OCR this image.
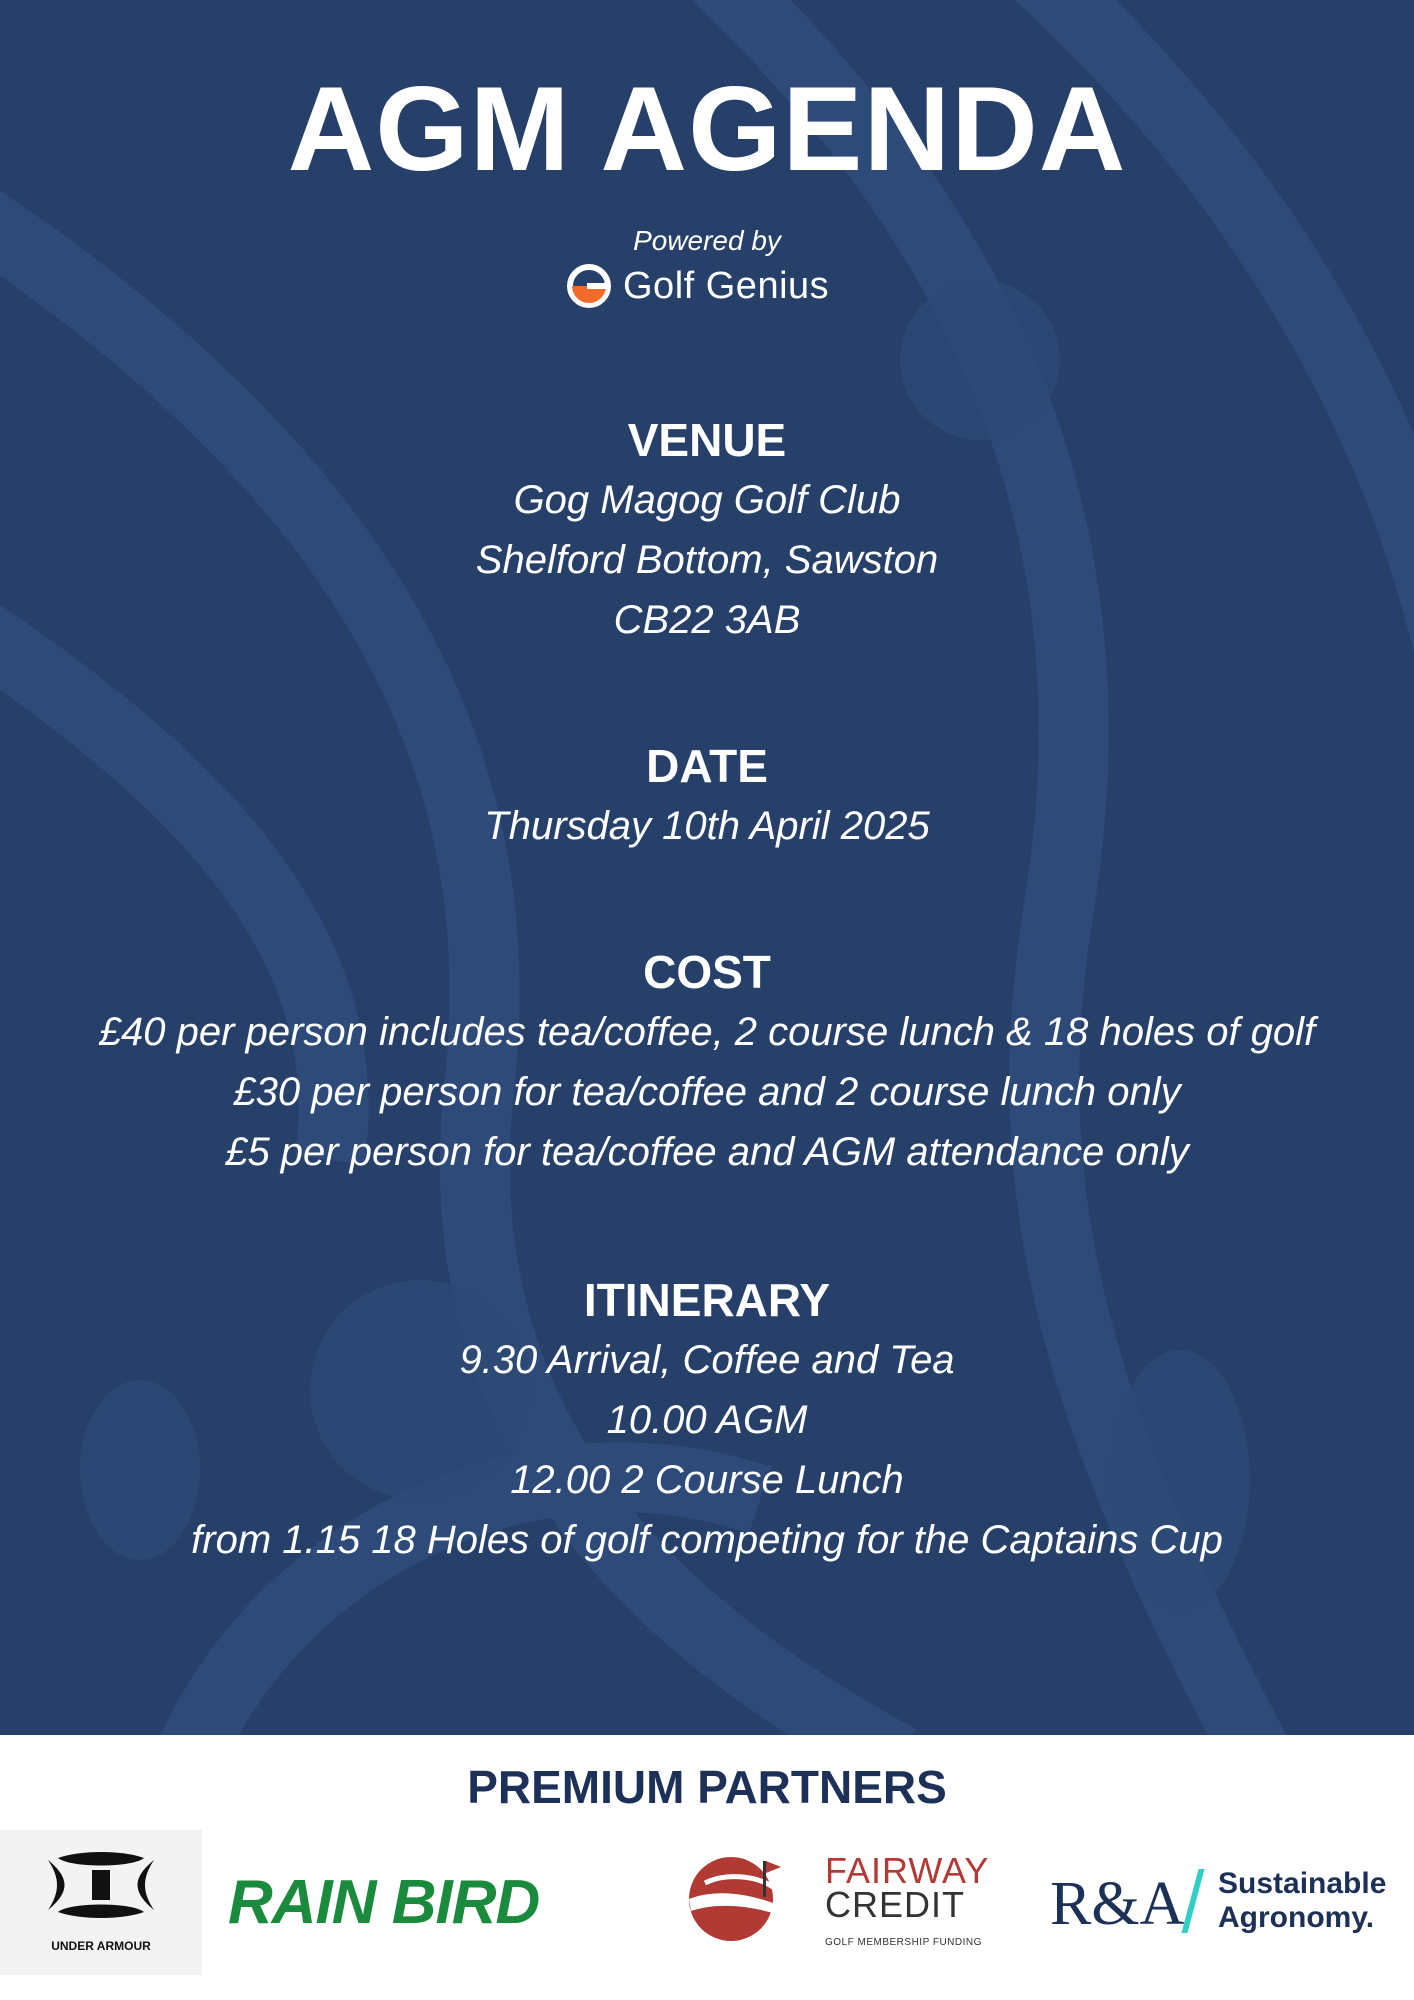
AGM AGENDA
Powered by
Golf Genius
VENUE
Gog Magog Golf Club
Shelford Bottom, Sawston
CB22 3AB
DATE
Thursday 10th April 2025
COST
£40 per person includes tea/coffee, 2 course lunch & 18 holes of golf
£30 per person for tea/coffee and 2 course lunch only
£5 per person for tea/coffee and AGM attendance only
ITINERARY
9.30 Arrival, Coffee and Tea
10.00 AGM
12.00 2 Course Lunch
from 1.15 18 Holes of golf competing for the Captains Cup
PREMIUM PARTNERS
UNDER ARMOUR
RAIN BIRD	FAIRWAY
CREDIT
GOLF MEMBERSHIP FUNDING
R&A Sustainable
Agronomy.
